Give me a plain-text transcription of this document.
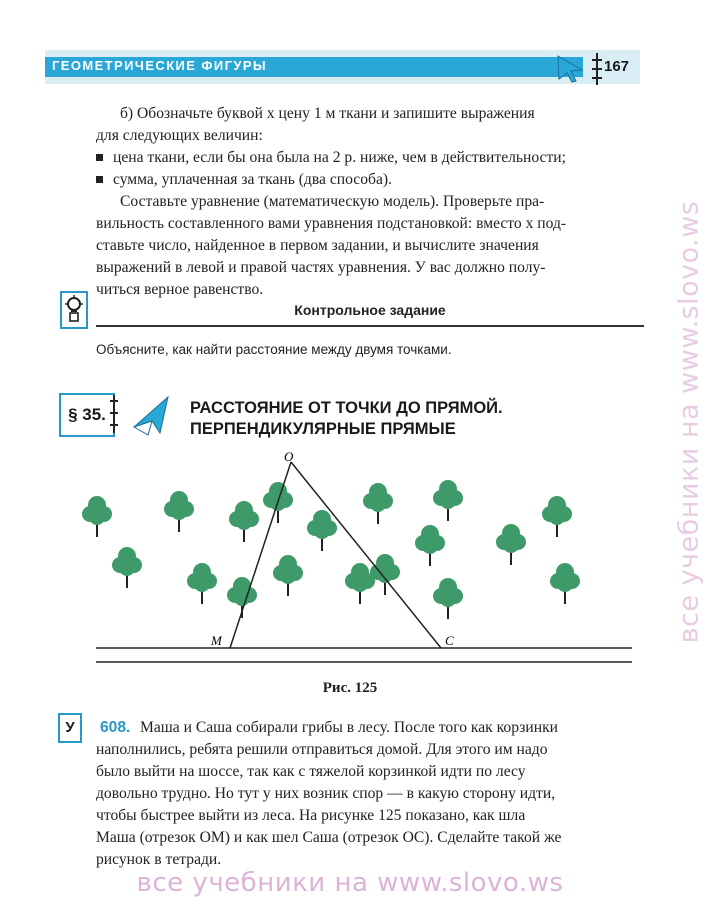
ГЕОМЕТРИЧЕСКИЕ ФИГУРЫ	167
б) Обозначьте буквой x цену 1 м ткани и запишите выражения
для следующих величин:
цена ткани, если бы она была на 2 р. ниже, чем в действительности;
сумма, уплаченная за ткань (два способа).
Составьте уравнение (математическую модель). Проверьте пра-
вильность составленного вами уравнения подстановкой: вместо x под-
ставьте число, найденное в первом задании, и вычислите значения
выражений в левой и правой частях уравнения. У вас должно полу-
читься верное равенство.
Контрольное задание
Объясните, как найти расстояние между двумя точками.
§ 35.	РАССТОЯНИЕ ОТ ТОЧКИ ДО ПРЯМОЙ.
ПЕРПЕНДИКУЛЯРНЫЕ ПРЯМЫЕ
O
M	C
Рис. 125
У	608. Маша и Саша собирали грибы в лесу. После того как корзинки
наполнились, ребята решили отправиться домой. Для этого им надо
было выйти на шоссе, так как с тяжелой корзинкой идти по лесу
довольно трудно. Но тут у них возник спор — в какую сторону идти,
чтобы быстрее выйти из леса. На рисунке 125 показано, как шла
Маша (отрезок OM) и как шел Саша (отрезок OC). Сделайте такой же
рисунок в тетради.
все учебники на www.slovo.ws
все учебники на www.slovo.ws
